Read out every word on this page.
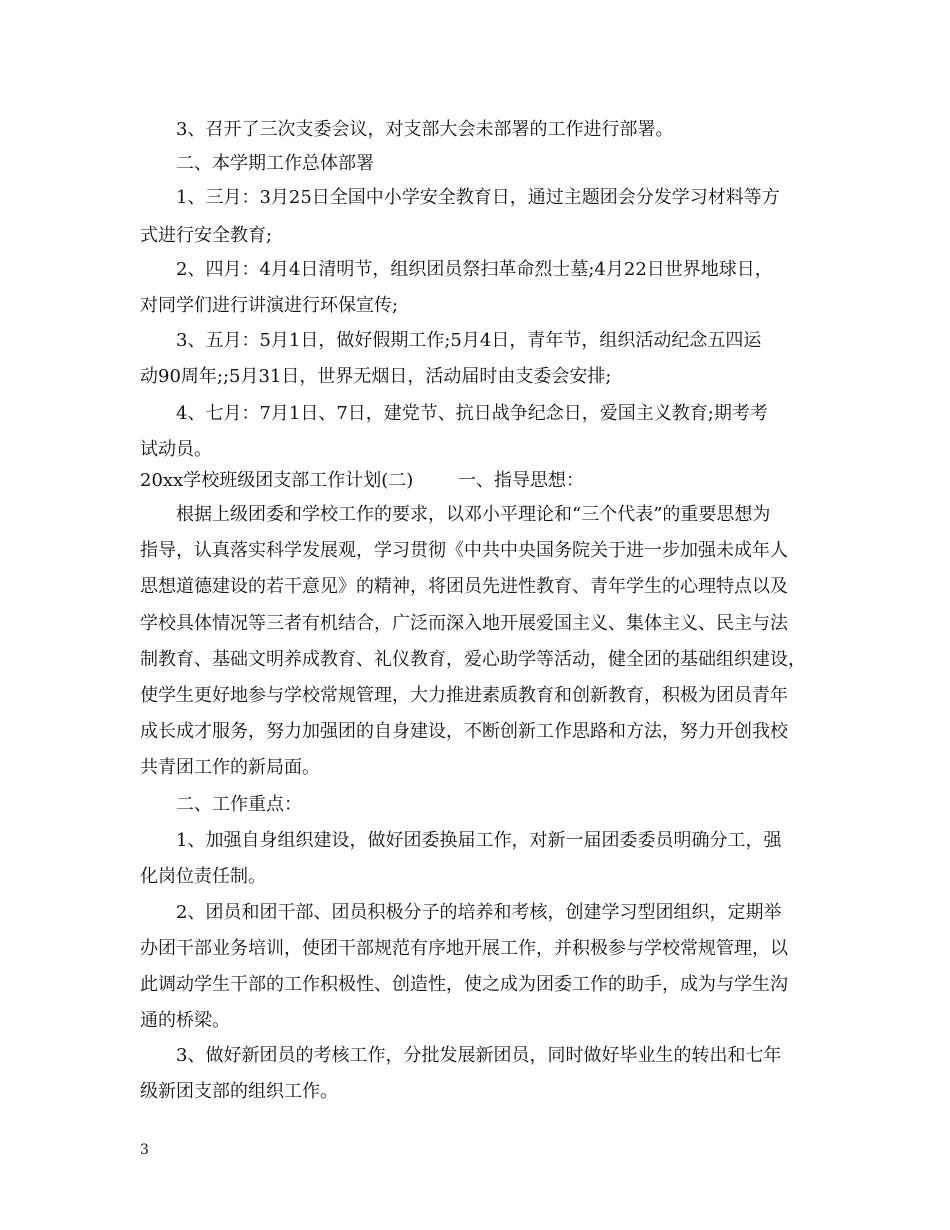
3、召开了三次支委会议，对支部大会未部署的工作进行部署。
二、本学期工作总体部署
1、三月：3月25日全国中小学安全教育日，通过主题团会分发学习材料等方
式进行安全教育;
2、四月：4月4日清明节，组织团员祭扫革命烈士墓;4月22日世界地球日，
对同学们进行讲演进行环保宣传;
3、五月：5月1日，做好假期工作;5月4日，青年节，组织活动纪念五四运
动90周年;;5月31日，世界无烟日，活动届时由支委会安排;
4、七月：7月1日、7日，建党节、抗日战争纪念日，爱国主义教育;期考考
试动员。
20xx学校班级团支部工作计划(二) 一、指导思想：
根据上级团委和学校工作的要求，以邓小平理论和“三个代表”的重要思想为
指导，认真落实科学发展观，学习贯彻《中共中央国务院关于进一步加强未成年人
思想道德建设的若干意见》的精神，将团员先进性教育、青年学生的心理特点以及
学校具体情况等三者有机结合，广泛而深入地开展爱国主义、集体主义、民主与法
制教育、基础文明养成教育、礼仪教育，爱心助学等活动，健全团的基础组织建设，
使学生更好地参与学校常规管理，大力推进素质教育和创新教育，积极为团员青年
成长成才服务，努力加强团的自身建设，不断创新工作思路和方法，努力开创我校
共青团工作的新局面。
二、工作重点：
1、加强自身组织建设，做好团委换届工作，对新一届团委委员明确分工，强
化岗位责任制。
2、团员和团干部、团员积极分子的培养和考核，创建学习型团组织，定期举
办团干部业务培训，使团干部规范有序地开展工作，并积极参与学校常规管理，以
此调动学生干部的工作积极性、创造性，使之成为团委工作的助手，成为与学生沟
通的桥梁。
3、做好新团员的考核工作，分批发展新团员，同时做好毕业生的转出和七年
级新团支部的组织工作。
3
